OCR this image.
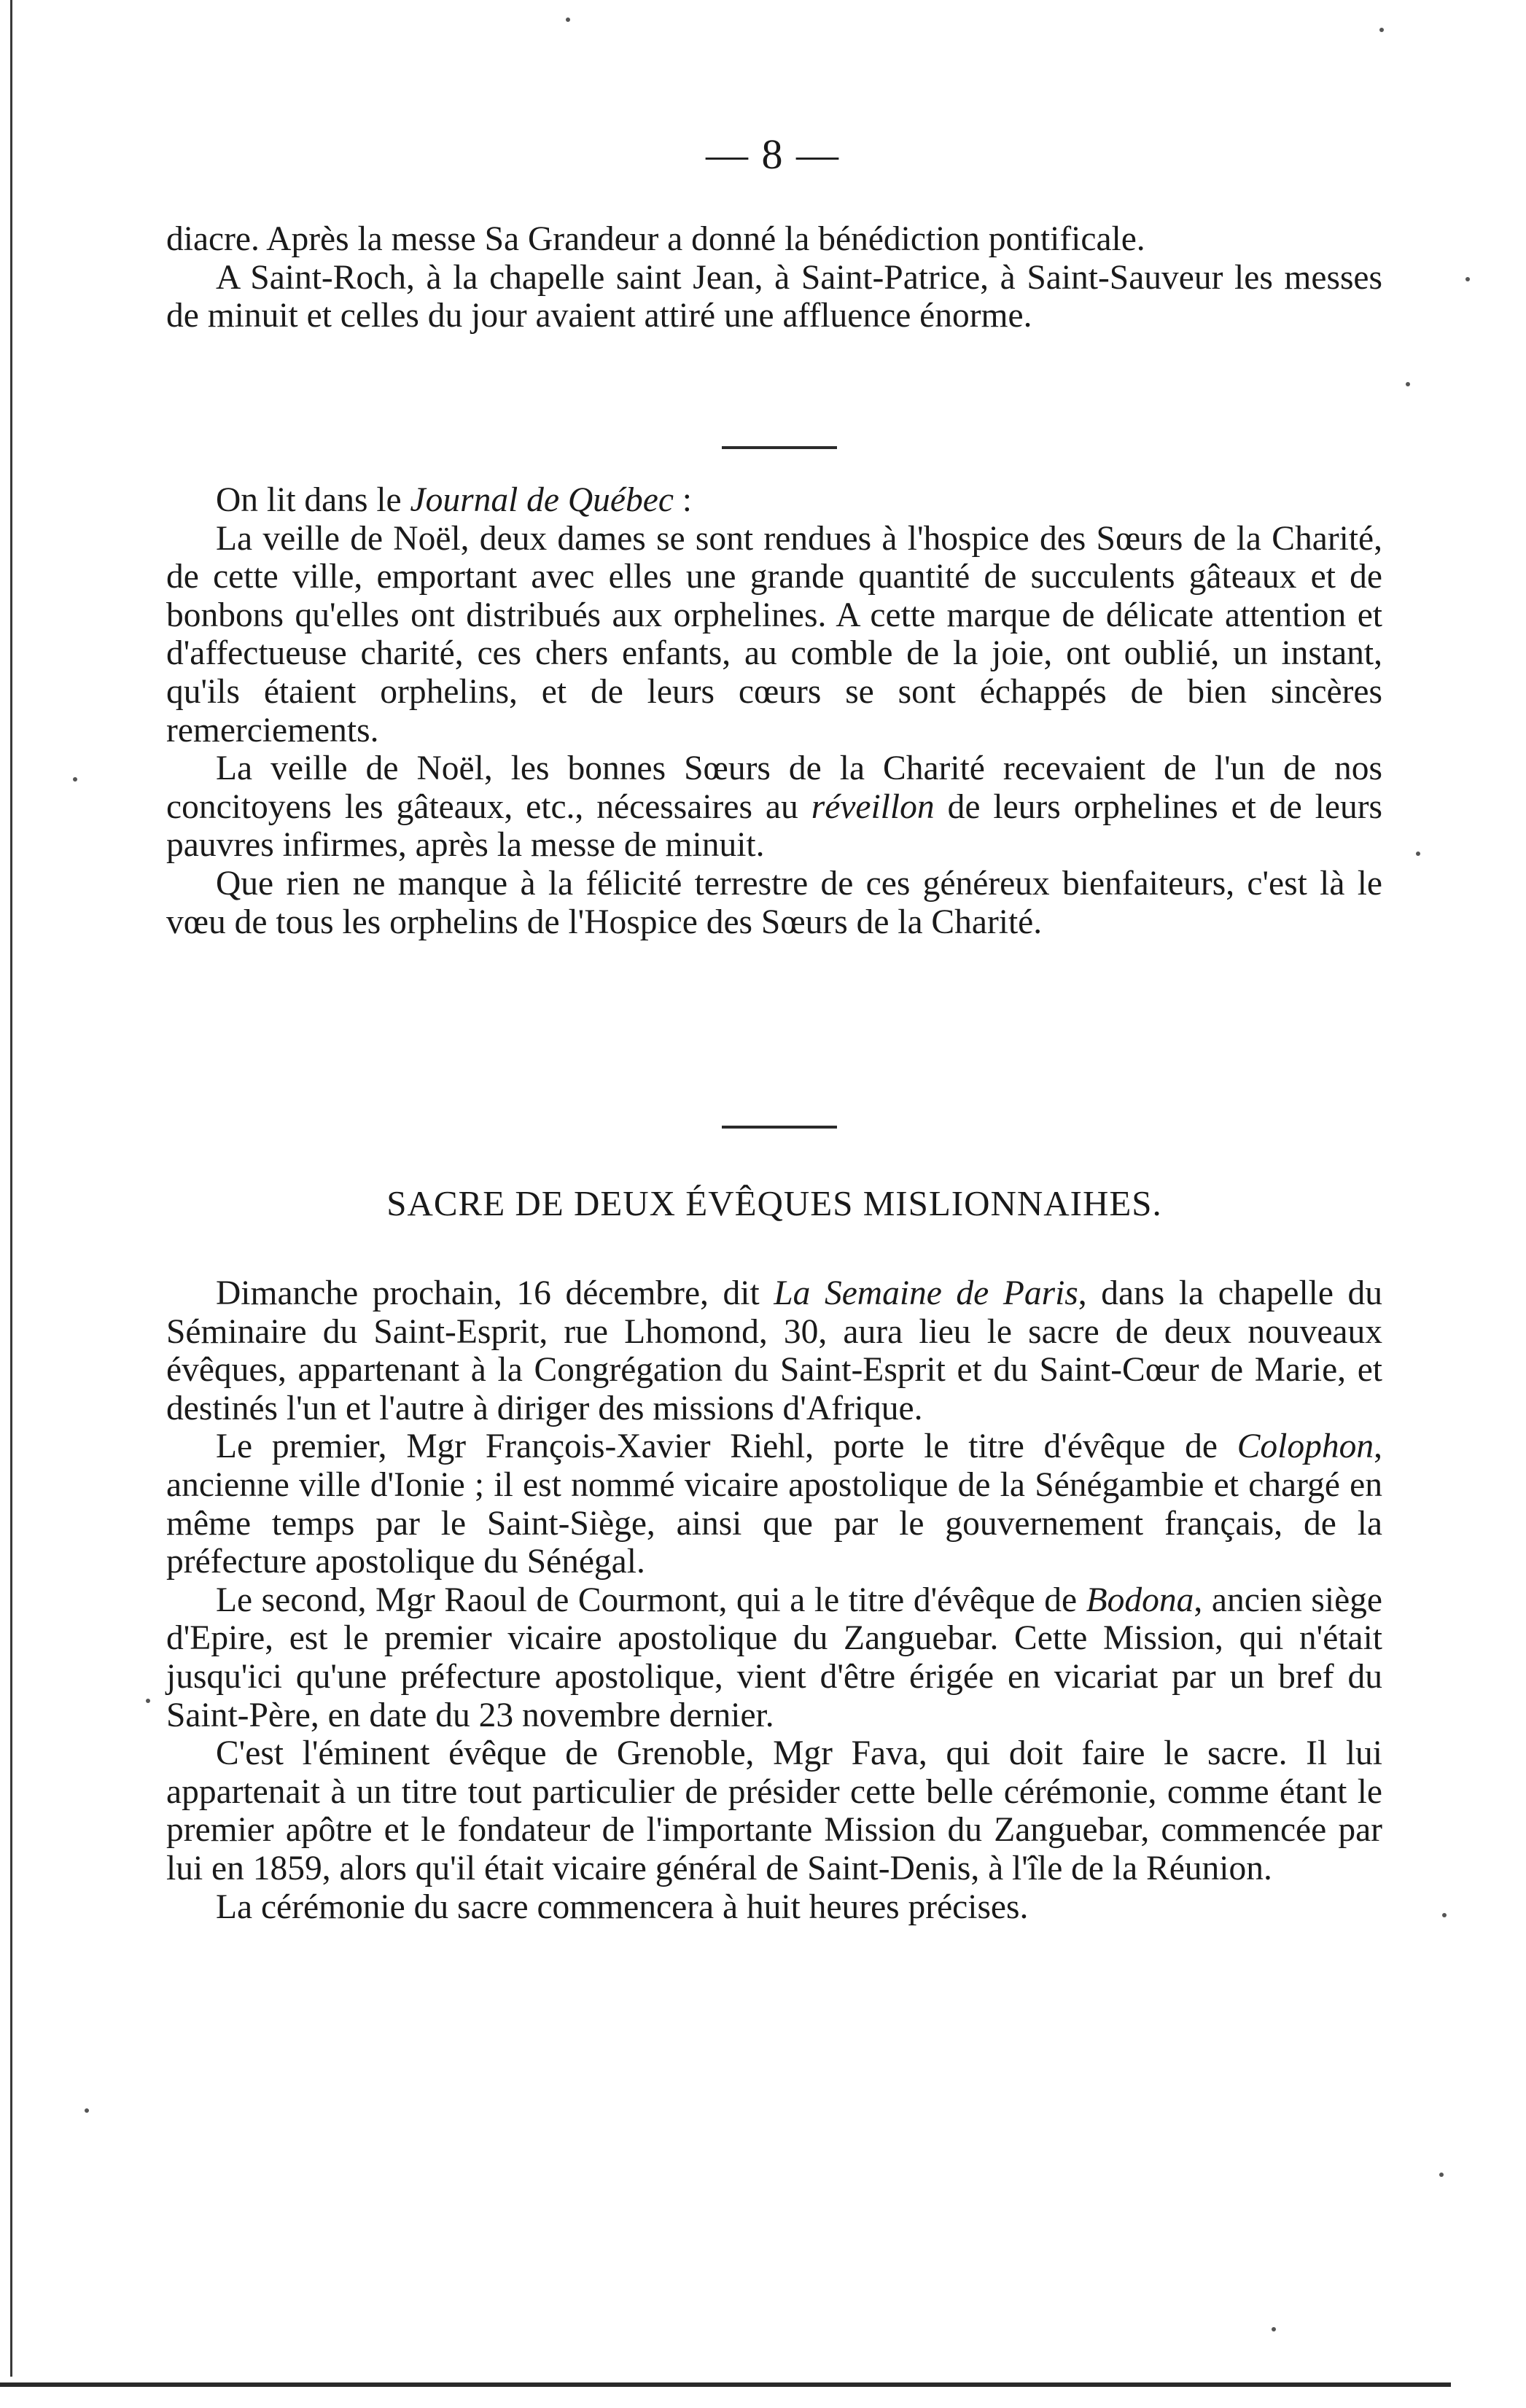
— 8 —

diacre. Après la messe Sa Grandeur a donné la bénédiction pontificale.

A Saint-Roch, à la chapelle saint Jean, à Saint-Patrice, à Saint-Sauveur les messes de minuit et celles du jour avaient attiré une affluence énorme.

On lit dans le Journal de Québec :

La veille de Noël, deux dames se sont rendues à l'hospice des Sœurs de la Charité, de cette ville, emportant avec elles une grande quantité de succulents gâteaux et de bonbons qu'elles ont distribués aux orphelines. A cette marque de délicate attention et d'affectueuse charité, ces chers enfants, au comble de la joie, ont oublié, un instant, qu'ils étaient orphelins, et de leurs cœurs se sont échappés de bien sincères remerciements.

La veille de Noël, les bonnes Sœurs de la Charité recevaient de l'un de nos concitoyens les gâteaux, etc., nécessaires au réveillon de leurs orphelines et de leurs pauvres infirmes, après la messe de minuit.

Que rien ne manque à la félicité terrestre de ces généreux bienfaiteurs, c'est là le vœu de tous les orphelins de l'Hospice des Sœurs de la Charité.

SACRE DE DEUX ÉVÊQUES MISLIONNAIHES.

Dimanche prochain, 16 décembre, dit La Semaine de Paris, dans la chapelle du Séminaire du Saint-Esprit, rue Lhomond, 30, aura lieu le sacre de deux nouveaux évêques, appartenant à la Congrégation du Saint-Esprit et du Saint-Cœur de Marie, et destinés l'un et l'autre à diriger des missions d'Afrique.

Le premier, Mgr François-Xavier Riehl, porte le titre d'évêque de Colophon, ancienne ville d'Ionie ; il est nommé vicaire apostolique de la Sénégambie et chargé en même temps par le Saint-Siège, ainsi que par le gouvernement français, de la préfecture apostolique du Sénégal.

Le second, Mgr Raoul de Courmont, qui a le titre d'évêque de Bodona, ancien siège d'Epire, est le premier vicaire apostolique du Zanguebar. Cette Mission, qui n'était jusqu'ici qu'une préfecture apostolique, vient d'être érigée en vicariat par un bref du Saint-Père, en date du 23 novembre dernier.

C'est l'éminent évêque de Grenoble, Mgr Fava, qui doit faire le sacre. Il lui appartenait à un titre tout particulier de présider cette belle cérémonie, comme étant le premier apôtre et le fondateur de l'importante Mission du Zanguebar, commencée par lui en 1859, alors qu'il était vicaire général de Saint-Denis, à l'île de la Réunion.

La cérémonie du sacre commencera à huit heures précises.
